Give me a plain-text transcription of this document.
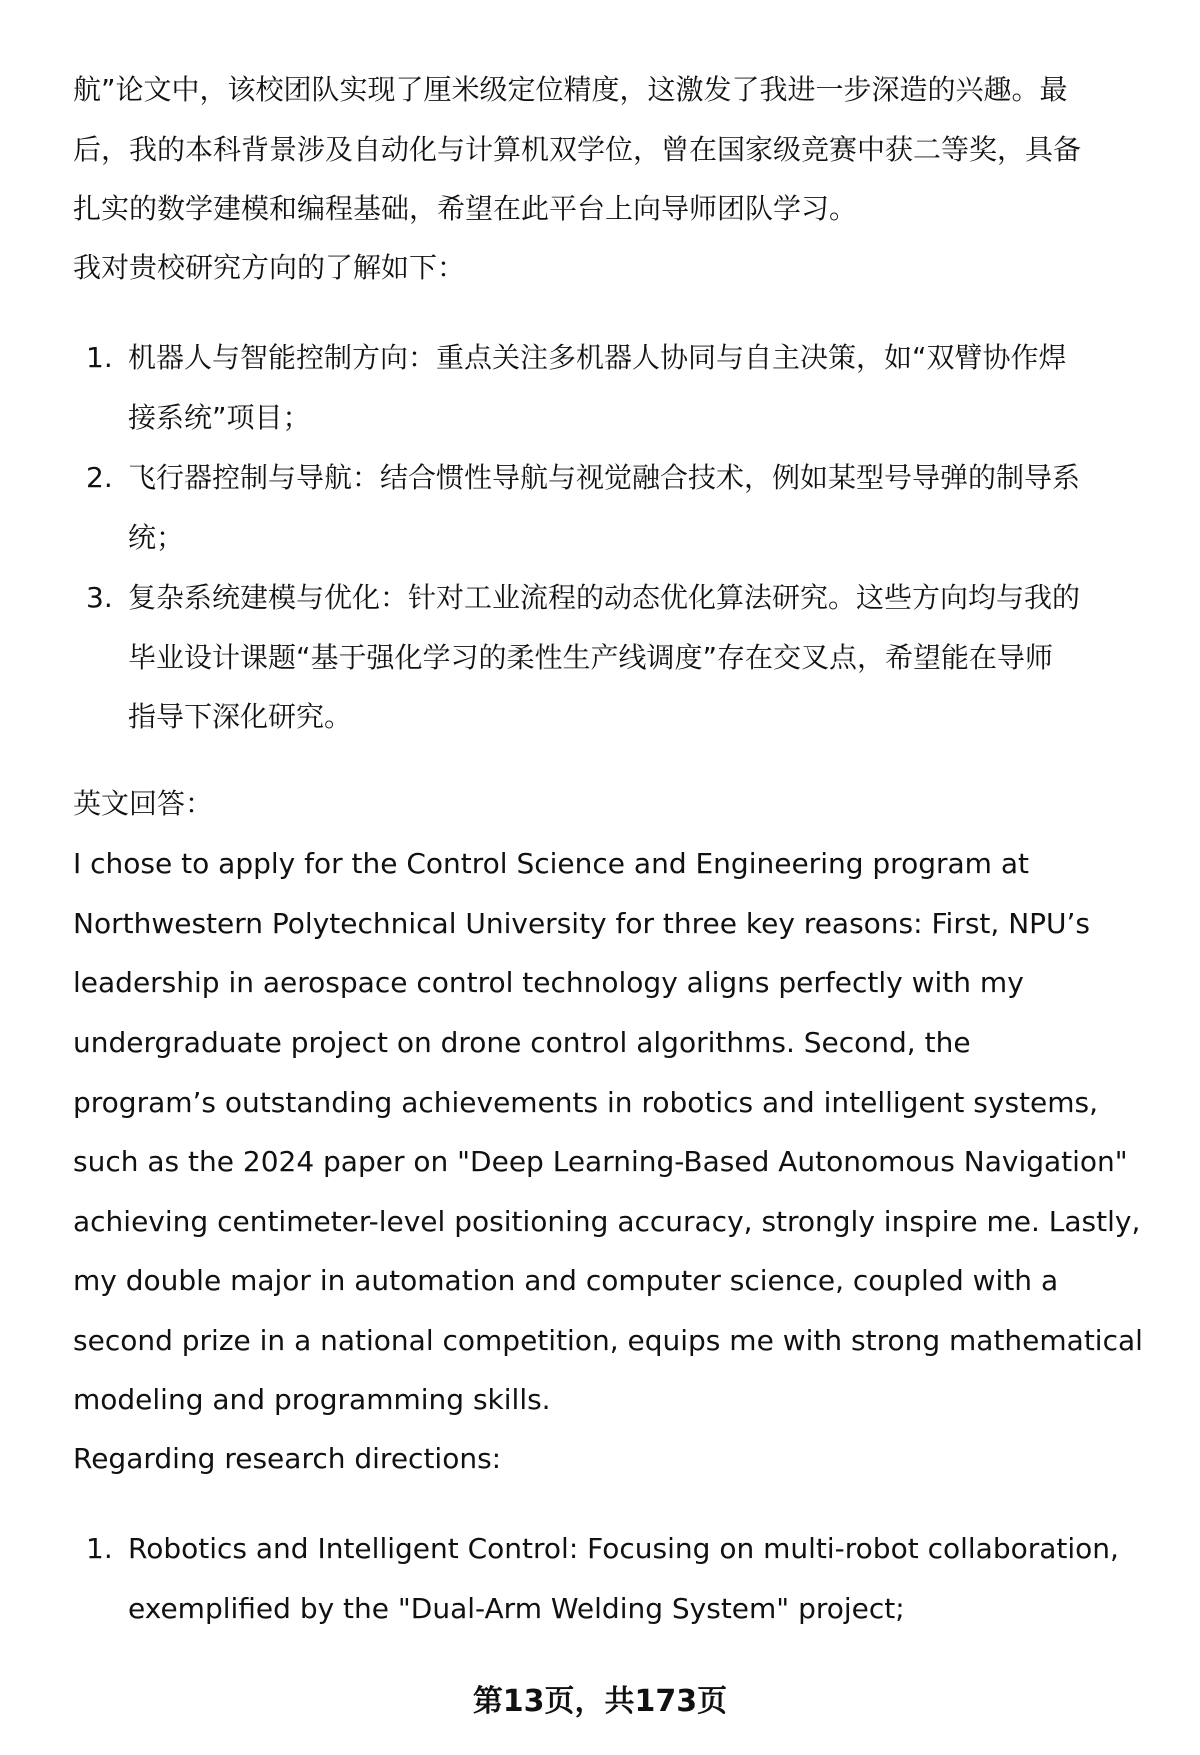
航”论文中，该校团队实现了厘米级定位精度，这激发了我进一步深造的兴趣。最
后，我的本科背景涉及自动化与计算机双学位，曾在国家级竞赛中获二等奖，具备
扎实的数学建模和编程基础，希望在此平台上向导师团队学习。
我对贵校研究方向的了解如下：
1. 机器人与智能控制方向：重点关注多机器人协同与自主决策，如“双臂协作焊
接系统”项目；
2. 飞行器控制与导航：结合惯性导航与视觉融合技术，例如某型号导弹的制导系
统；
3. 复杂系统建模与优化：针对工业流程的动态优化算法研究。这些方向均与我的
毕业设计课题“基于强化学习的柔性生产线调度”存在交叉点，希望能在导师
指导下深化研究。
英文回答：
I chose to apply for the Control Science and Engineering program at
Northwestern Polytechnical University for three key reasons: First, NPU’s
leadership in aerospace control technology aligns perfectly with my
undergraduate project on drone control algorithms. Second, the
program’s outstanding achievements in robotics and intelligent systems,
such as the 2024 paper on "Deep Learning-Based Autonomous Navigation"
achieving centimeter-level positioning accuracy, strongly inspire me. Lastly,
my double major in automation and computer science, coupled with a
second prize in a national competition, equips me with strong mathematical
modeling and programming skills.
Regarding research directions:
1. Robotics and Intelligent Control: Focusing on multi-robot collaboration,
exemplified by the "Dual-Arm Welding System" project;
第13页，共173页
